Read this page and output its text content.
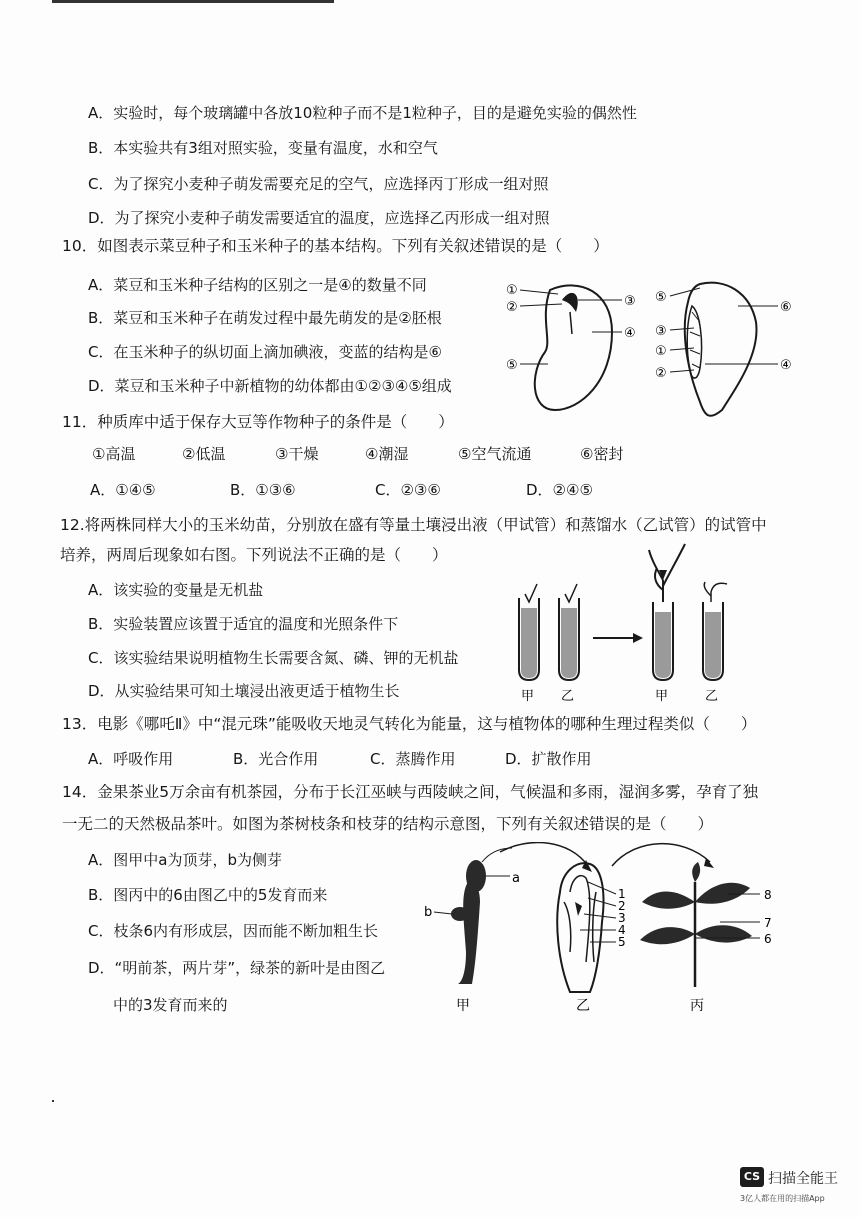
A．实验时，每个玻璃罐中各放10粒种子而不是1粒种子，目的是避免实验的偶然性
B．本实验共有3组对照实验，变量有温度，水和空气
C．为了探究小麦种子萌发需要充足的空气，应选择丙丁形成一组对照
D．为了探究小麦种子萌发需要适宜的温度，应选择乙丙形成一组对照
10．如图表示菜豆种子和玉米种子的基本结构。下列有关叙述错误的是（　　）
A．菜豆和玉米种子结构的区别之一是④的数量不同
B．菜豆和玉米种子在萌发过程中最先萌发的是②胚根
C．在玉米种子的纵切面上滴加碘液，变蓝的结构是⑥
D．菜豆和玉米种子中新植物的幼体都由①②③④⑤组成
①
②	③
④
⑤
⑤
⑥
③
①
②
④
11．种质库中适于保存大豆等作物种子的条件是（　　）
①高温	②低温	③干燥	④潮湿	⑤空气流通	⑥密封
A．①④⑤	B．①③⑥	C．②③⑥	D．②④⑤
12.将两株同样大小的玉米幼苗，分别放在盛有等量土壤浸出液（甲试管）和蒸馏水（乙试管）的试管中
培养，两周后现象如右图。下列说法不正确的是（　　）
A．该实验的变量是无机盐
B．实验装置应该置于适宜的温度和光照条件下
C．该实验结果说明植物生长需要含氮、磷、钾的无机盐
D．从实验结果可知土壤浸出液更适于植物生长	甲 乙	甲	乙
13．电影《哪吒Ⅱ》中“混元珠”能吸收天地灵气转化为能量，这与植物体的哪种生理过程类似（　　）
A．呼吸作用	B．光合作用	C．蒸腾作用	D．扩散作用
14．金果茶业5万余亩有机茶园，分布于长江巫峡与西陵峡之间，气候温和多雨，湿润多雾，孕育了独
一无二的天然极品茶叶。如图为茶树枝条和枝芽的结构示意图，下列有关叙述错误的是（　　）
A．图甲中a为顶芽，b为侧芽
B．图丙中的6由图乙中的5发育而来
C．枝条6内有形成层，因而能不断加粗生长
D．“明前茶，两片芽”，绿茶的新叶是由图乙
中的3发育而来的
a
b
1
2
3
4
5
8
7
6
甲	乙	丙
CS 扫描全能王
3亿人都在用的扫描App
